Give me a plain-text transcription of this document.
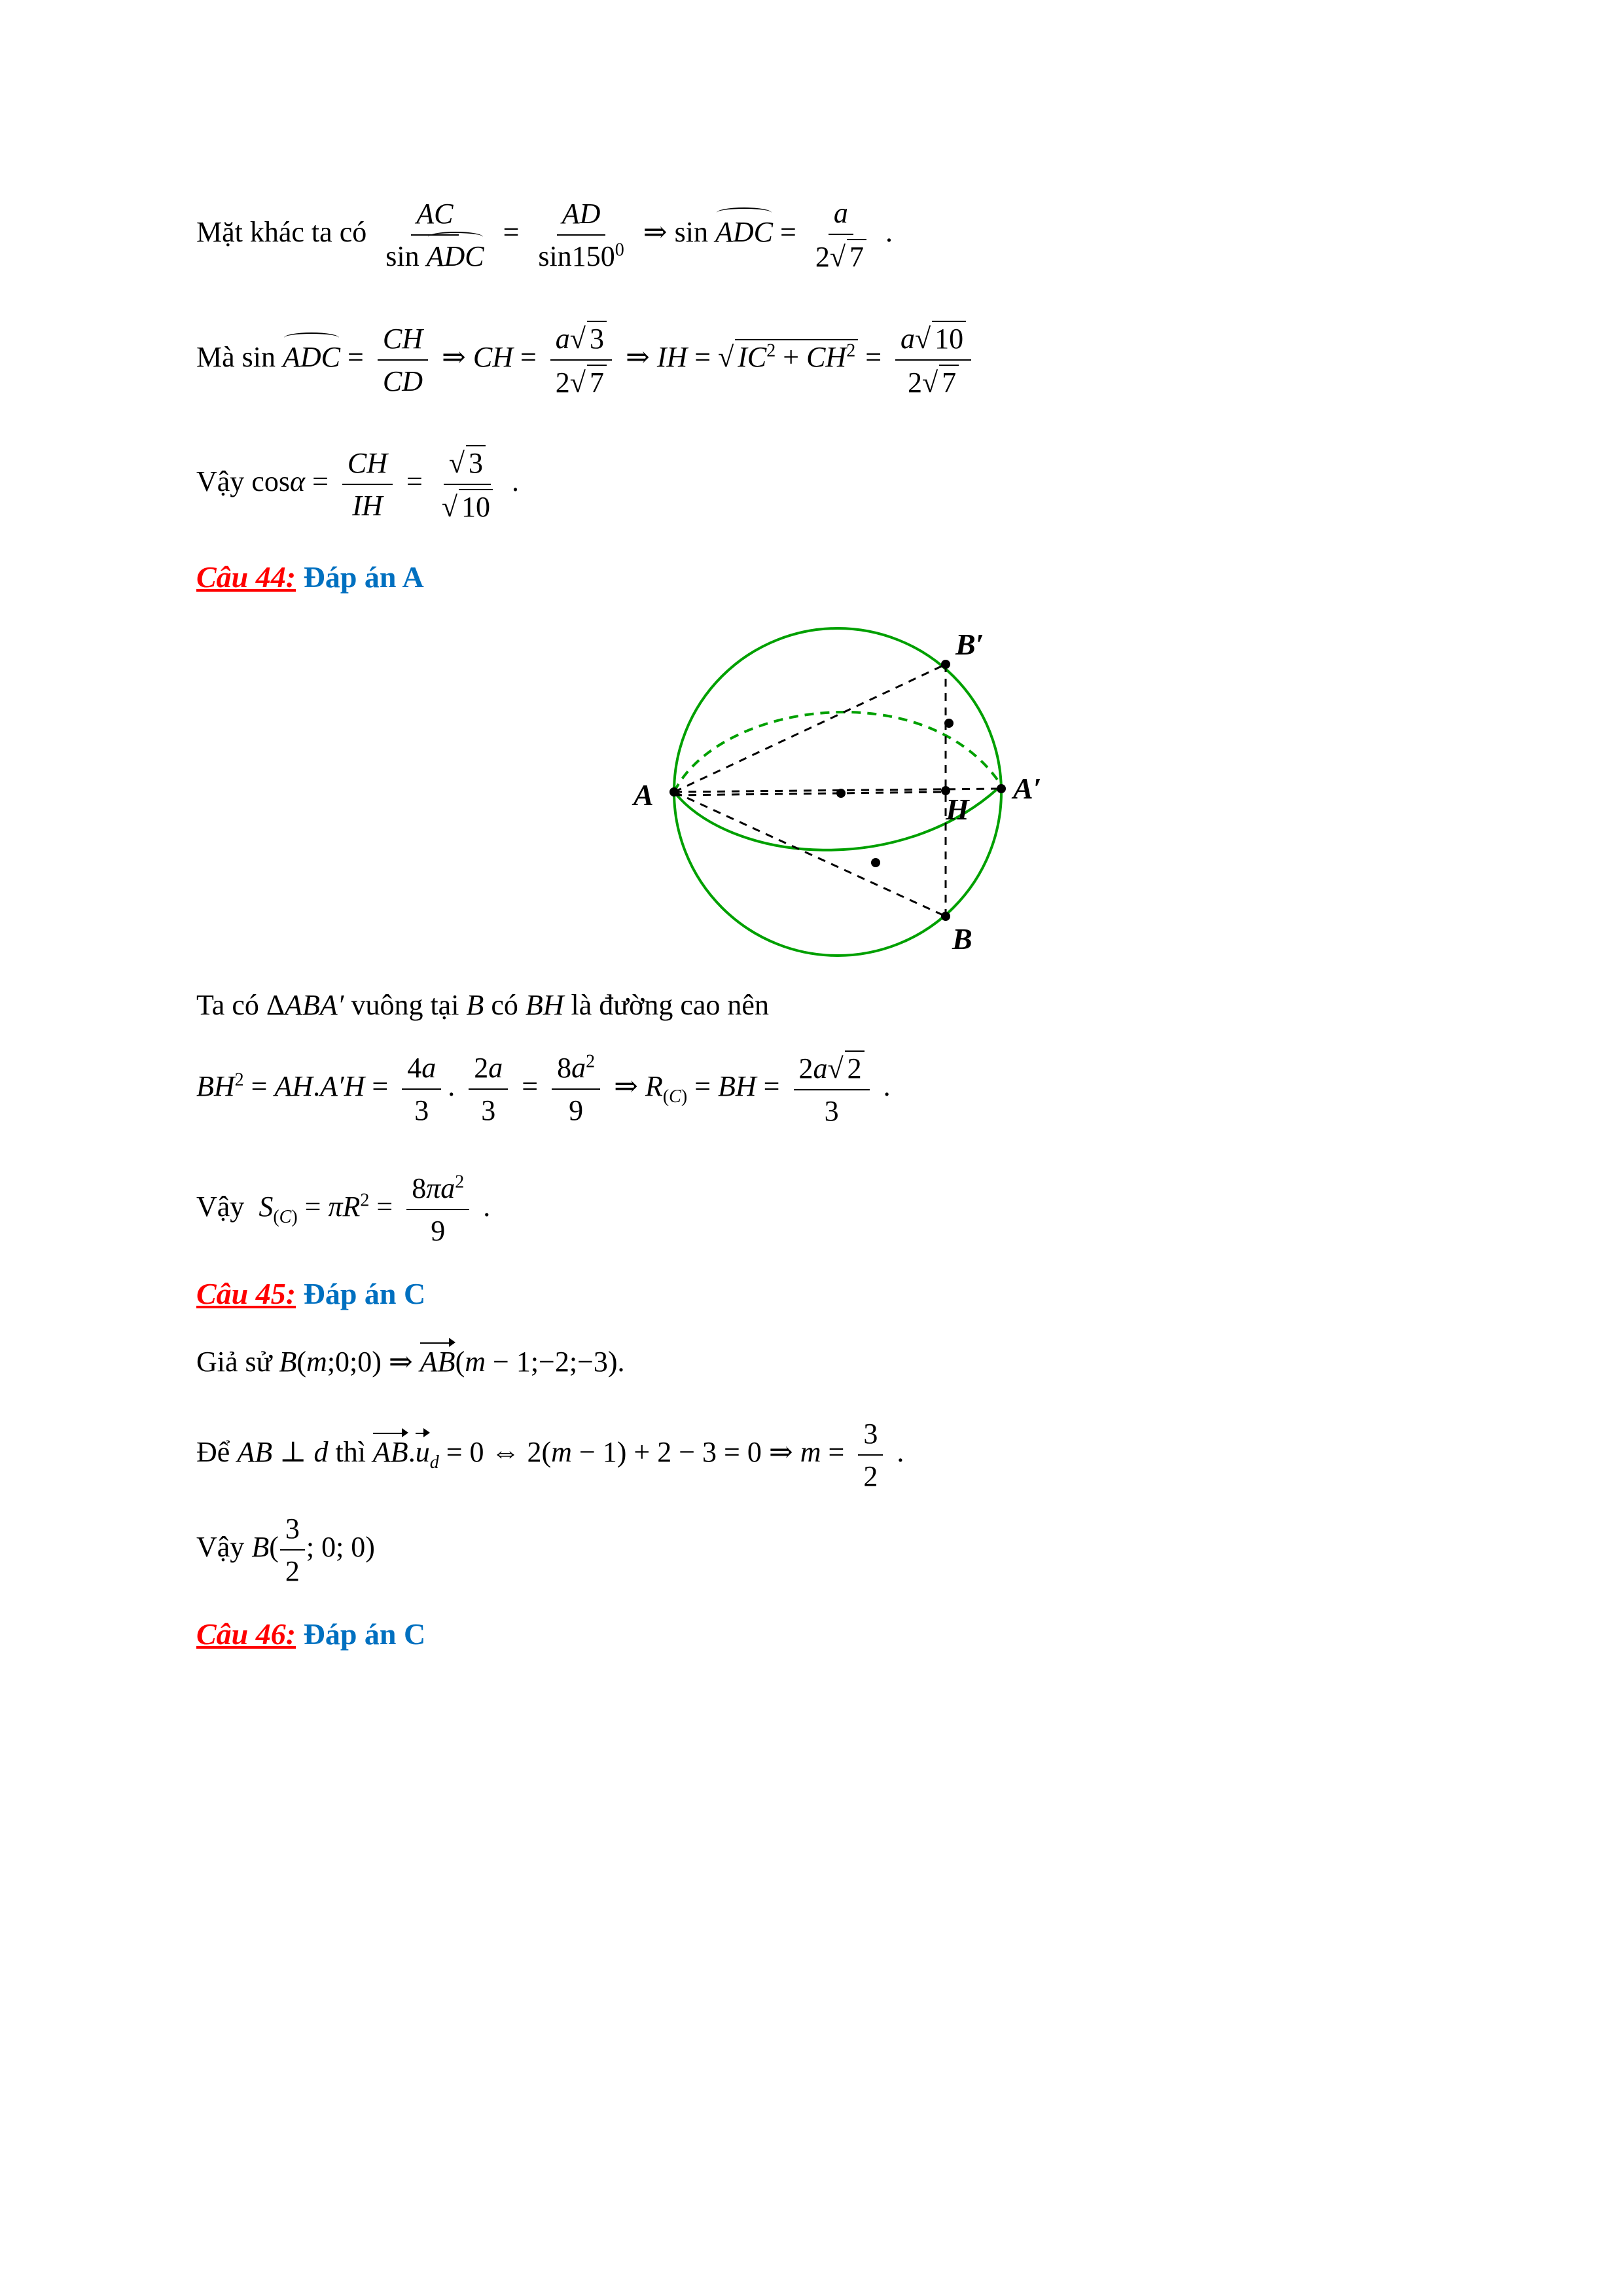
Mặt khác ta có $\frac{AC}{\text{sin ADC}} = \frac{AD}{\sin 150^0}$ ⇒ sin ADC = $\frac{a}{2√ 7}$ .
Mà sin ADC = $\frac{CH}{CD}$ ⇒ CH = $\frac{a√ 3}{2√ 7}$ ⇒ IH = √ $IC^2 + CH^2 = \frac{a√ 10}{2√ 7}$
Vậy $\cos\alpha = \frac{CH}{IH} = \frac{√ 3}{√ 10}$ .
Câu 44: Đáp án A
A
B′
B
A′
H
Ta có ΔABA′ vuông tại B có BH là đường cao nên
$BH^2 = AH.A'H = \frac{4a}{3}$ . $\frac{2a}{3} = \frac{8a^2}{9}$ ⇒ $R_{(C)}$ = BH = $\frac{2a√ 2}{3}$ .
Vậy $S_{(C)} = \pi R^2 = \frac{8\pi a^2}{9}$ .
Câu 45: Đáp án C
Giả sử B(m;0;0) ⇒ AB(m − 1;−2;−3).
Để AB ⊥ d thì $AB.u_d = 0$ ⇔ 2(m − 1) + 2 − 3 = 0 ⇒ $m = \frac{3}{2}$ .
Vậy $B( \frac{3}{2}$ ; 0; 0)
Câu 46: Đáp án C
